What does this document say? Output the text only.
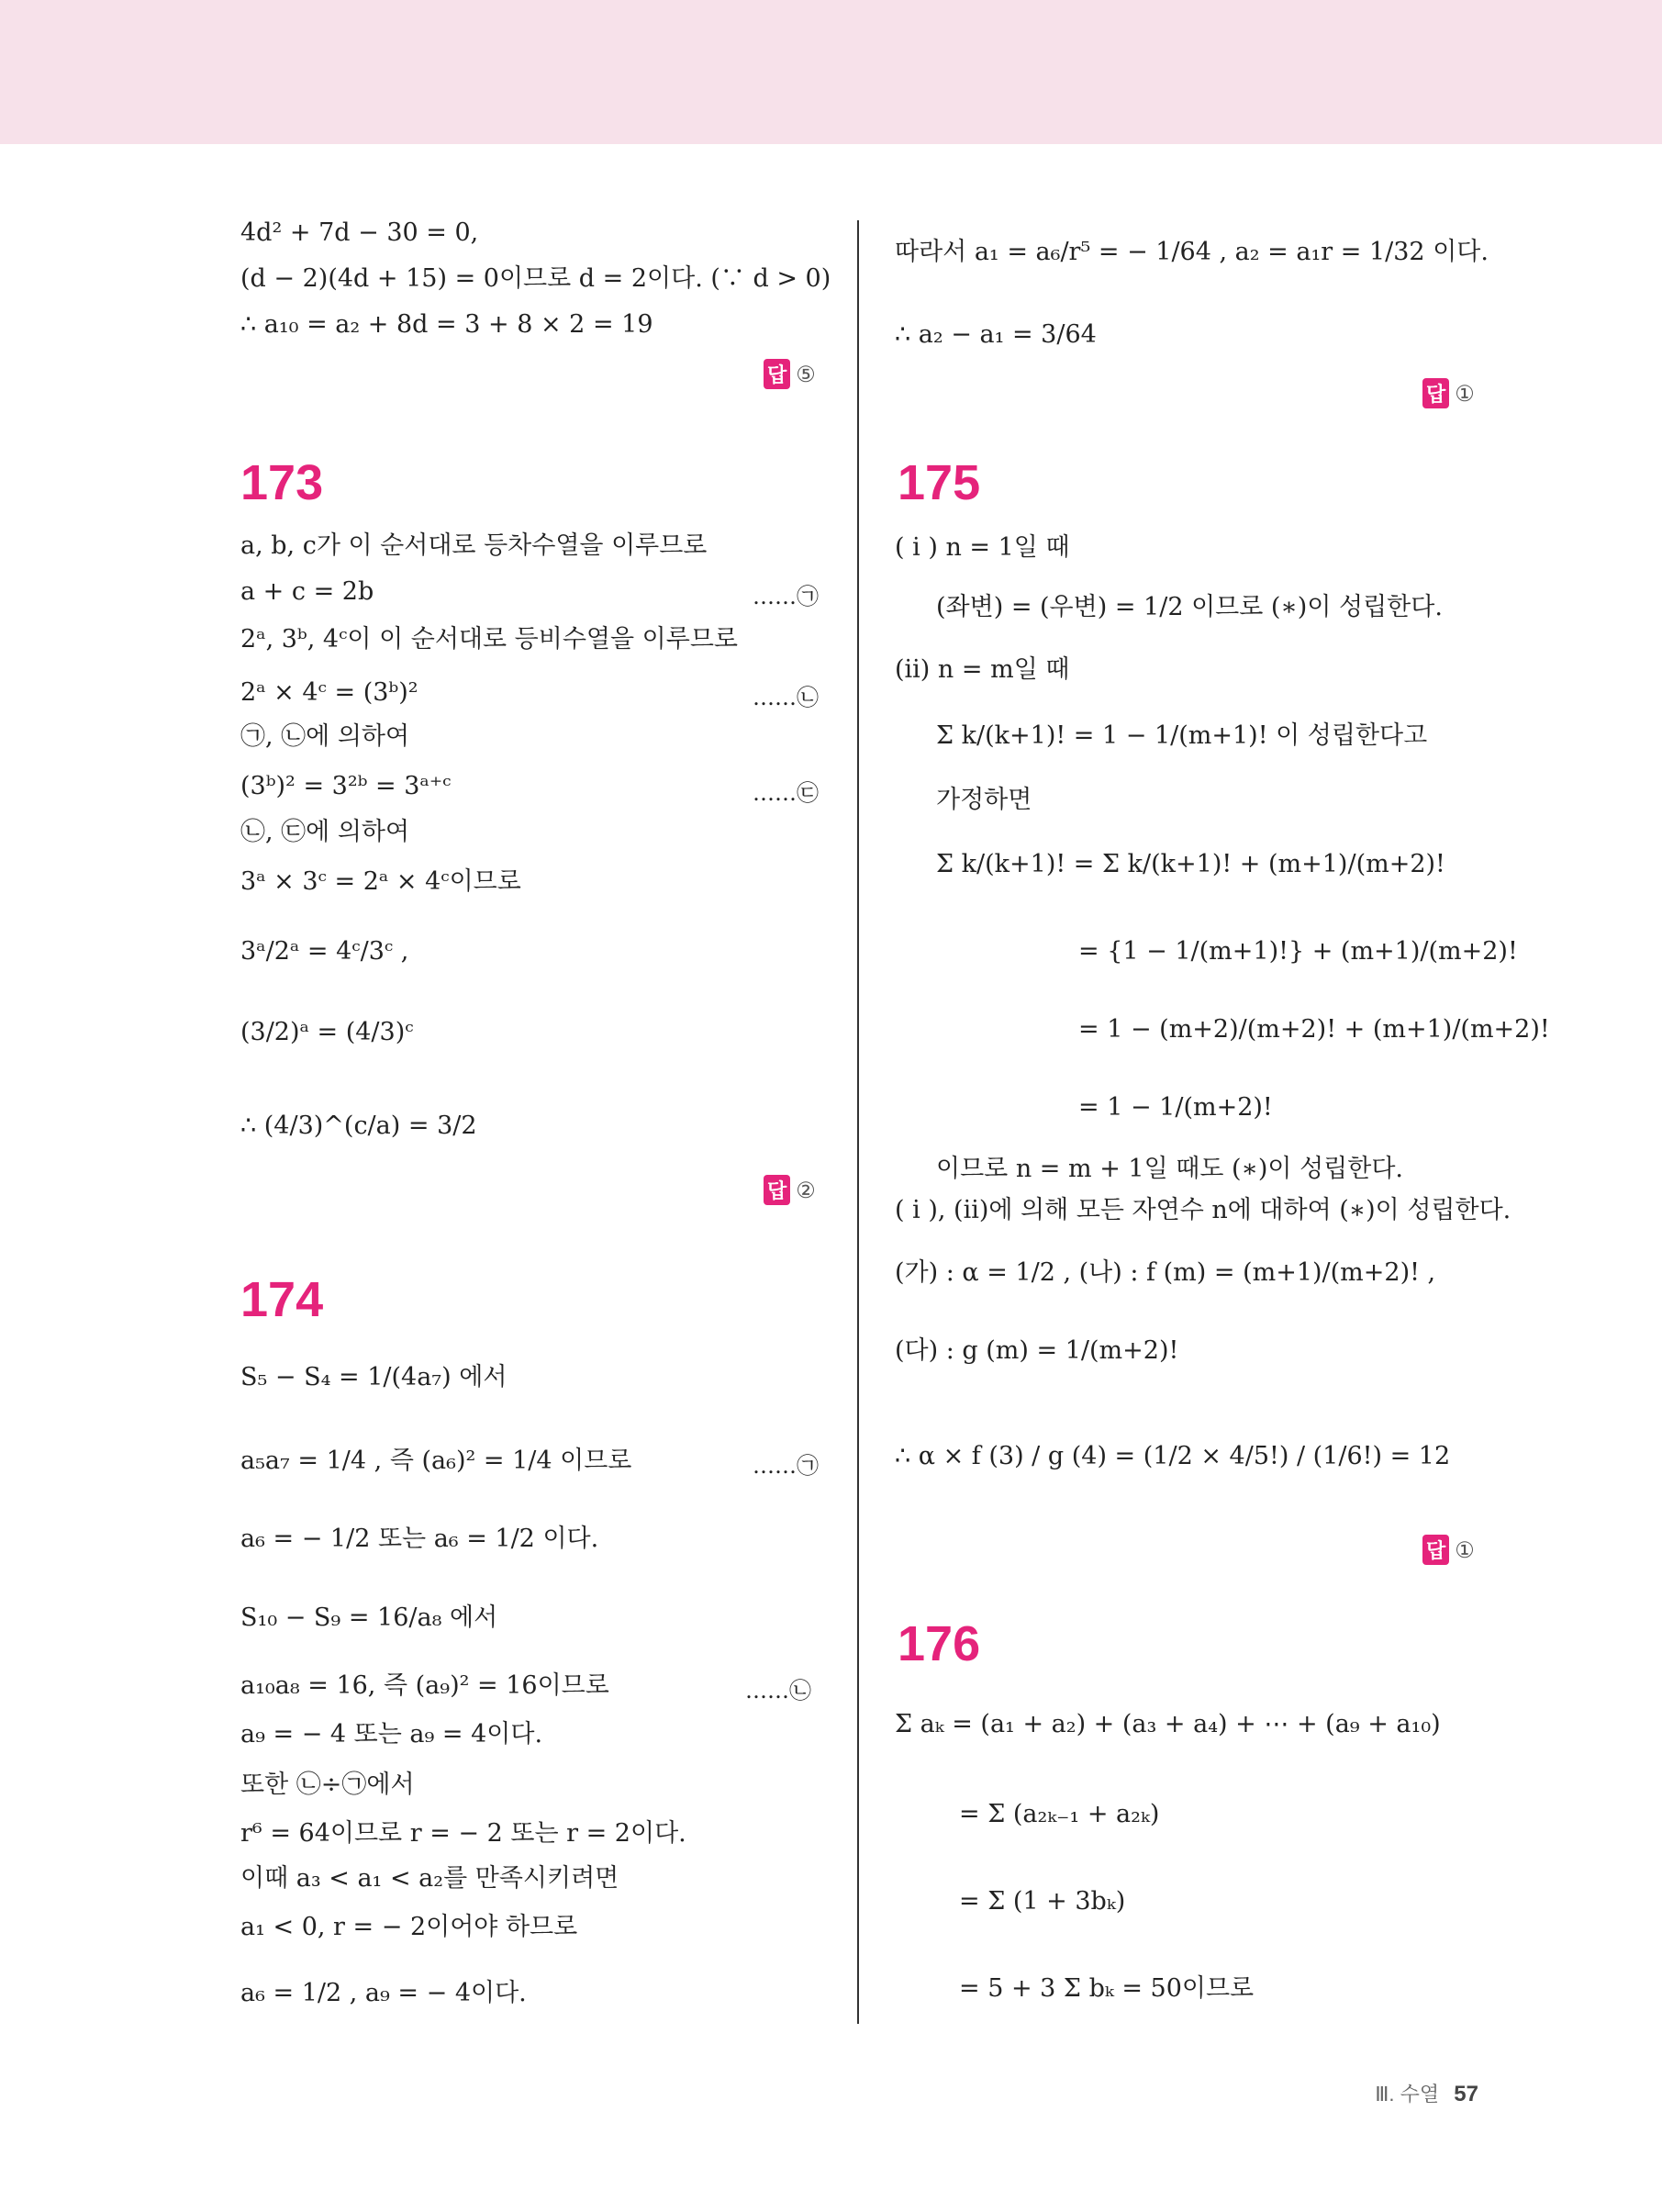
4d² + 7d − 30 = 0,
(d − 2)(4d + 15) = 0이므로 d = 2이다. (∵ d > 0)
∴ a₁₀ = a₂ + 8d = 3 + 8 × 2 = 19
답 ⑤
173
a, b, c가 이 순서대로 등차수열을 이루므로
a + c = 2b	……㉠
2ᵃ, 3ᵇ, 4ᶜ이 이 순서대로 등비수열을 이루므로
2ᵃ × 4ᶜ = (3ᵇ)²	……㉡
㉠, ㉡에 의하여
(3ᵇ)² = 3²ᵇ = 3ᵃ⁺ᶜ	……㉢
㉡, ㉢에 의하여
3ᵃ × 3ᶜ = 2ᵃ × 4ᶜ이므로
3ᵃ/2ᵃ = 4ᶜ/3ᶜ ,
(3/2)ᵃ = (4/3)ᶜ
∴ (4/3)^(c/a) = 3/2
답 ②
174
S₅ − S₄ = 1/(4a₇) 에서
a₅a₇ = 1/4 , 즉 (a₆)² = 1/4 이므로	……㉠
a₆ = − 1/2 또는 a₆ = 1/2 이다.
S₁₀ − S₉ = 16/a₈ 에서
a₁₀a₈ = 16, 즉 (a₉)² = 16이므로	……㉡
a₉ = − 4 또는 a₉ = 4이다.
또한 ㉡÷㉠에서
r⁶ = 64이므로 r = − 2 또는 r = 2이다.
이때 a₃ < a₁ < a₂를 만족시키려면
a₁ < 0, r = − 2이어야 하므로
a₆ = 1/2 , a₉ = − 4이다.
따라서 a₁ = a₆/r⁵ = − 1/64 , a₂ = a₁r = 1/32 이다.
∴ a₂ − a₁ = 3/64
답 ①
175
( i ) n = 1일 때
(좌변) = (우변) = 1/2 이므로 (∗)이 성립한다.
(ii) n = m일 때
Σ k/(k+1)! = 1 − 1/(m+1)! 이 성립한다고
가정하면
Σ k/(k+1)! = Σ k/(k+1)! + (m+1)/(m+2)!
= {1 − 1/(m+1)!} + (m+1)/(m+2)!
= 1 − (m+2)/(m+2)! + (m+1)/(m+2)!
= 1 − 1/(m+2)!
이므로 n = m + 1일 때도 (∗)이 성립한다.
( i ), (ii)에 의해 모든 자연수 n에 대하여 (∗)이 성립한다.
(가) : α = 1/2 , (나) : f (m) = (m+1)/(m+2)! ,
(다) : g (m) = 1/(m+2)!
∴ α × f (3) / g (4) = (1/2 × 4/5!) / (1/6!) = 12
답 ①
176
Σ aₖ = (a₁ + a₂) + (a₃ + a₄) + ⋯ + (a₉ + a₁₀)
= Σ (a₂ₖ₋₁ + a₂ₖ)
= Σ (1 + 3bₖ)
= 5 + 3 Σ bₖ = 50이므로
Ⅲ. 수열 57
